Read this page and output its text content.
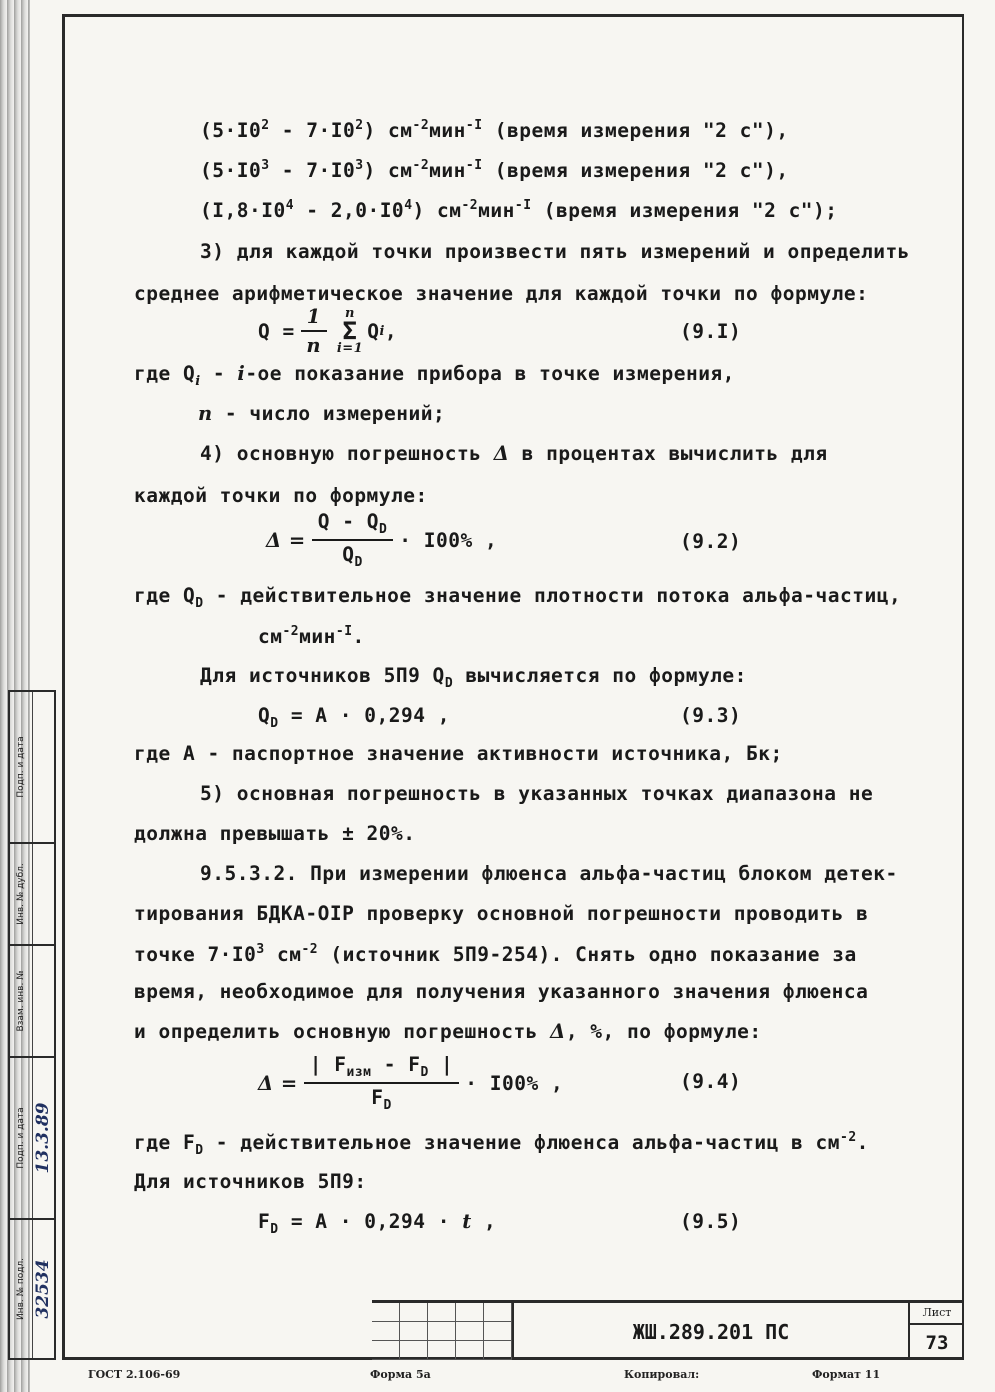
Подп. и дата
Инв. № дубл.
Взам. инв. №
Подп. и дата 13.3.89
Инв. № подл. 32534
$(5\cdot I0^2 - 7\cdot I0^2)$ $см^{-2}мин^{-I}$ (время измерения "2 с"),
$(5\cdot I0^3 - 7\cdot I0^3)$ $см^{-2}мин^{-I}$ (время измерения "2 с"),
$(I,8\cdot I0^4 - 2,0\cdot I0^4)$ $см^{-2}мин^{-I}$ (время измерения "2 с");
3) для каждой точки произвести пять измерений и определить
среднее арифметическое значение для каждой точки по формуле:
$Q = \frac{1}{n}$	n
Σ
i=1
Q i ,	(9.I)
где $Q_i - i-ое$ показание прибора в точке измерения,
n - число измерений;
4) основную погрешность Δ в процентах вычислить для
каждой точки по формуле:
$\Delta = \frac{Q - Q_D}{Q_D} \cdot I00\%$ ,	(9.2)
где $Q_D$ - действительное значение плотности потока альфа-частиц,
$см^{-2}мин^{-I}$.
Для источников 5П9 $Q_D$ вычисляется по формуле:
$Q_D = A \cdot 0,294$ ,	(9.3)
где A - паспортное значение активности источника, Бк;
5) основная погрешность в указанных точках диапазона не
должна превышать ± 20%.
9.5.3.2. При измерении флюенса альфа-частиц блоком детек-
тирования БДКА-OIP проверку основной погрешности проводить в
точке $7\cdot I0^3$ $см^{-2}$ (источник 5П9-254). Снять одно показание за
время, необходимое для получения указанного значения флюенса
и определить основную погрешность Δ, %, по формуле:
$\Delta = \frac{| F_{изм} - F_D |}{F_D} \cdot I00\%$ ,	(9.4)
где $F_D$ - действительное значение флюенса альфа-частиц в $см^{-2}$.
Для источников 5П9:
$F_D = A \cdot 0,294 \cdot t$ ,	(9.5)
ЖШ.289.201 ПС
Лист
73
ГОСТ 2.106-69	Форма 5а	Копировал:	Формат 11
